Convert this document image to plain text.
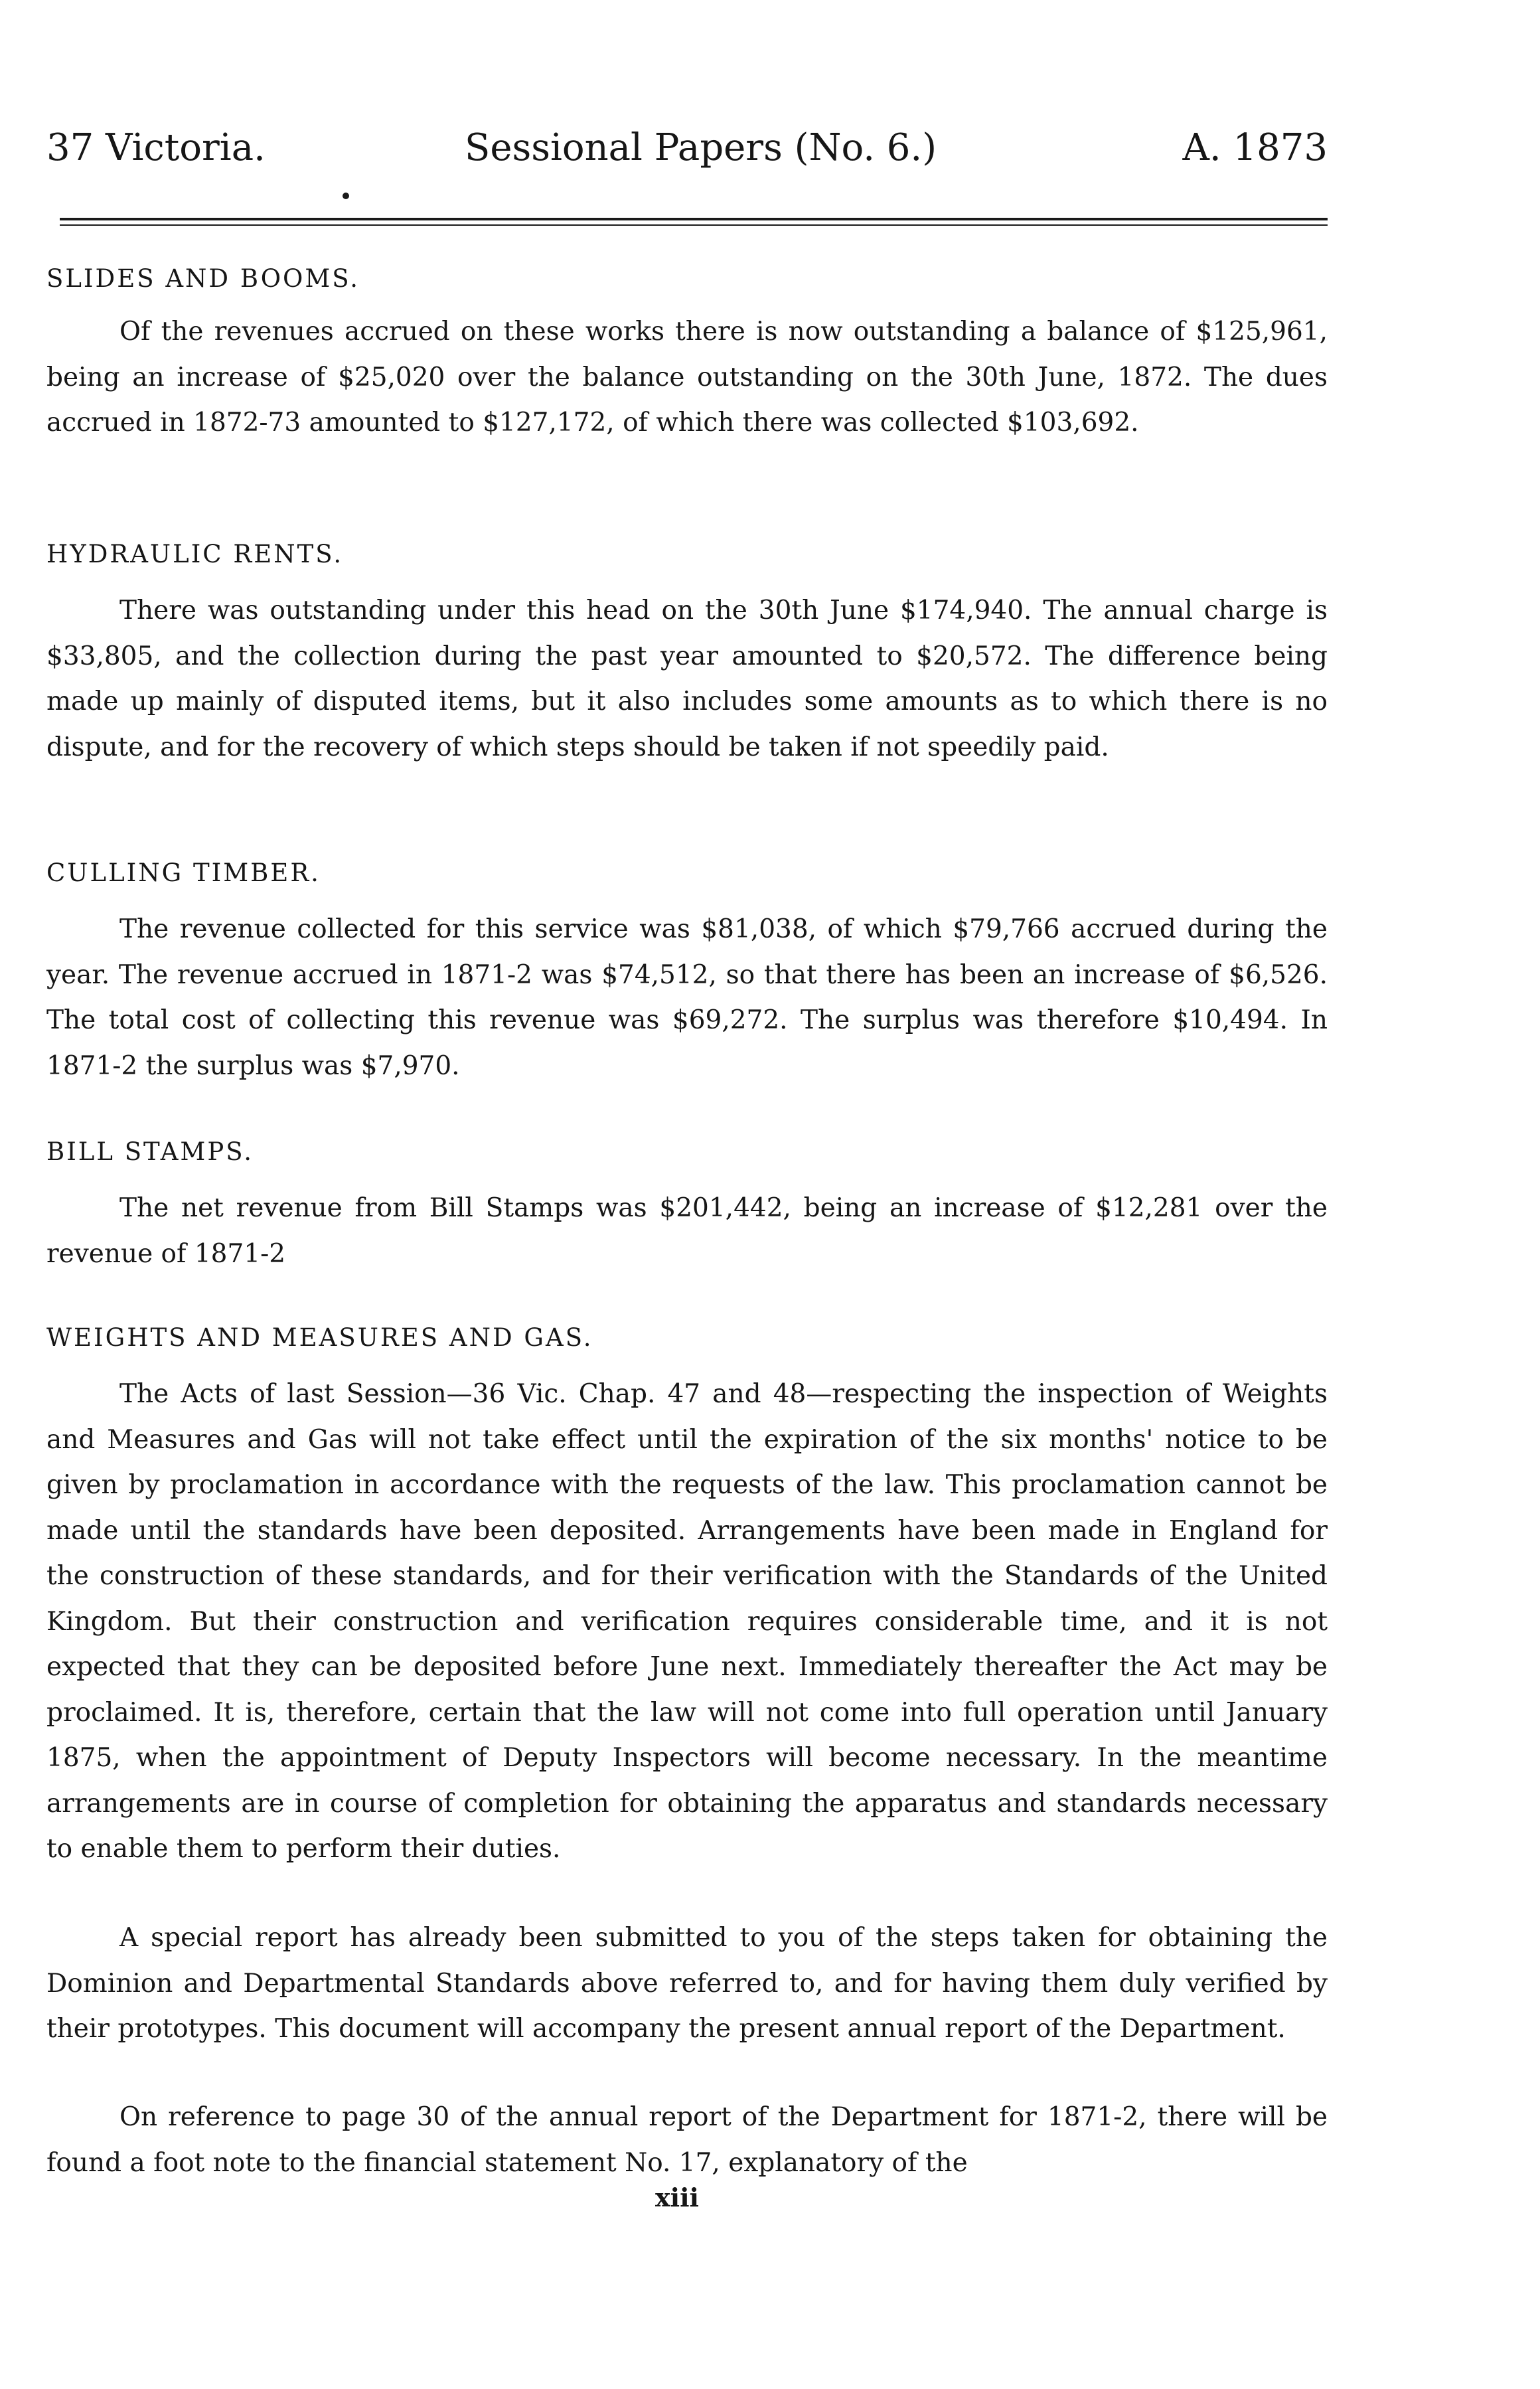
37 Victoria.	Sessional Papers (No. 6.)	A. 1873
SLIDES AND BOOMS.

Of the revenues accrued on these works there is now outstanding a balance of $125,961, being an increase of $25,020 over the balance outstanding on the 30th June, 1872. The dues accrued in 1872-73 amounted to $127,172, of which there was collected $103,692.

HYDRAULIC RENTS.

There was outstanding under this head on the 30th June $174,940. The annual charge is $33,805, and the collection during the past year amounted to $20,572. The difference being made up mainly of disputed items, but it also includes some amounts as to which there is no dispute, and for the recovery of which steps should be taken if not speedily paid.

CULLING TIMBER.

The revenue collected for this service was $81,038, of which $79,766 accrued during the year. The revenue accrued in 1871-2 was $74,512, so that there has been an increase of $6,526. The total cost of collecting this revenue was $69,272. The surplus was therefore $10,494. In 1871-2 the surplus was $7,970.

BILL STAMPS.

The net revenue from Bill Stamps was $201,442, being an increase of $12,281 over the revenue of 1871-2

WEIGHTS AND MEASURES AND GAS.

The Acts of last Session—36 Vic. Chap. 47 and 48—respecting the inspection of Weights and Measures and Gas will not take effect until the expiration of the six months' notice to be given by proclamation in accordance with the requests of the law. This proclamation cannot be made until the standards have been deposited. Arrangements have been made in England for the construction of these standards, and for their verification with the Standards of the United Kingdom. But their construction and verification requires considerable time, and it is not expected that they can be deposited before June next. Immediately thereafter the Act may be proclaimed. It is, therefore, certain that the law will not come into full operation until January 1875, when the appointment of Deputy Inspectors will become necessary. In the meantime arrangements are in course of completion for obtaining the apparatus and standards necessary to enable them to perform their duties.

A special report has already been submitted to you of the steps taken for obtaining the Dominion and Departmental Standards above referred to, and for having them duly verified by their prototypes. This document will accompany the present annual report of the Department.

On reference to page 30 of the annual report of the Department for 1871-2, there will be found a foot note to the financial statement No. 17, explanatory of the

xiii
